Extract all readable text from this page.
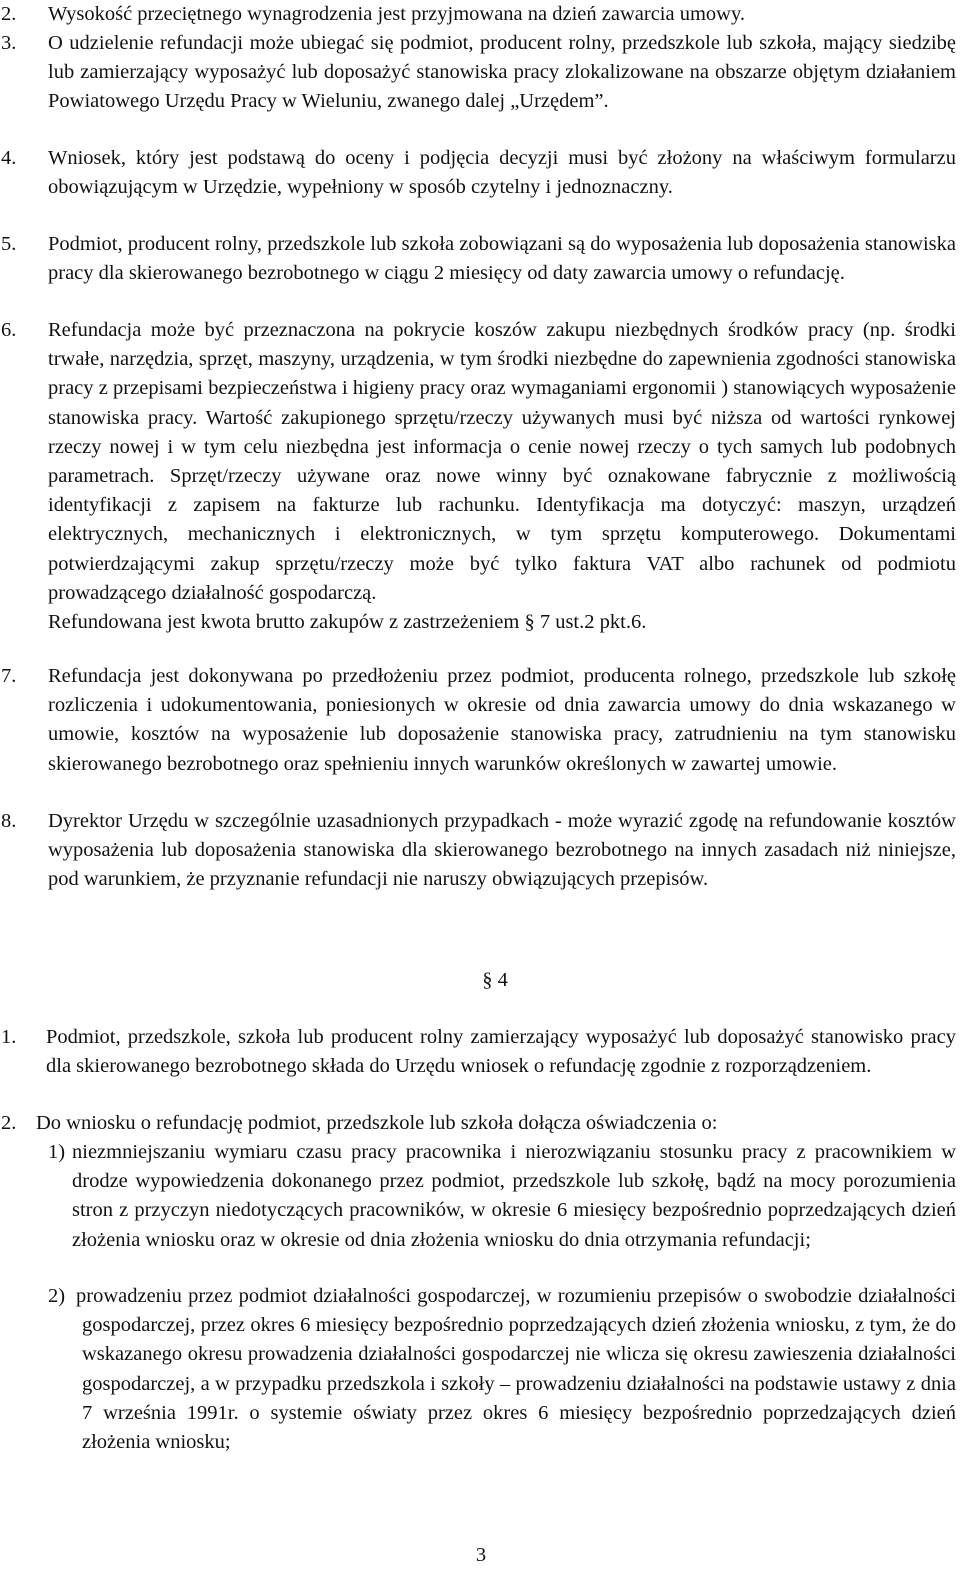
2. Wysokość przeciętnego wynagrodzenia jest przyjmowana na dzień zawarcia umowy.
3. O udzielenie refundacji może ubiegać się podmiot, producent rolny, przedszkole lub szkoła, mający siedzibę lub zamierzający wyposażyć lub doposażyć stanowiska pracy zlokalizowane na obszarze objętym działaniem Powiatowego Urzędu Pracy w Wieluniu, zwanego dalej „Urzędem”.
4. Wniosek, który jest podstawą do oceny i podjęcia decyzji musi być złożony na właściwym formularzu obowiązującym w Urzędzie, wypełniony w sposób czytelny i jednoznaczny.
5. Podmiot, producent rolny, przedszkole lub szkoła zobowiązani są do wyposażenia lub doposażenia stanowiska pracy dla skierowanego bezrobotnego w ciągu 2 miesięcy od daty zawarcia umowy o refundację.
6. Refundacja może być przeznaczona na pokrycie koszów zakupu niezbędnych środków pracy (np. środki trwałe, narzędzia, sprzęt, maszyny, urządzenia, w tym środki niezbędne do zapewnienia zgodności stanowiska pracy z przepisami bezpieczeństwa i higieny pracy oraz wymaganiami ergonomii ) stanowiących wyposażenie stanowiska pracy. Wartość zakupionego sprzętu/rzeczy używanych musi być niższa od wartości rynkowej rzeczy nowej i w tym celu niezbędna jest informacja o cenie nowej rzeczy o tych samych lub podobnych parametrach. Sprzęt/rzeczy używane oraz nowe winny być oznakowane fabrycznie z możliwością identyfikacji z zapisem na fakturze lub rachunku. Identyfikacja ma dotyczyć: maszyn, urządzeń elektrycznych, mechanicznych i elektronicznych, w tym sprzętu komputerowego. Dokumentami potwierdzającymi zakup sprzętu/rzeczy może być tylko faktura VAT albo rachunek od podmiotu prowadzącego działalność gospodarczą.
Refundowana jest kwota brutto zakupów z zastrzeżeniem § 7 ust.2 pkt.6.
7. Refundacja jest dokonywana po przedłożeniu przez podmiot, producenta rolnego, przedszkole lub szkołę rozliczenia i udokumentowania, poniesionych w okresie od dnia zawarcia umowy do dnia wskazanego w umowie, kosztów na wyposażenie lub doposażenie stanowiska pracy, zatrudnieniu na tym stanowisku skierowanego bezrobotnego oraz spełnieniu innych warunków określonych w zawartej umowie.
8. Dyrektor Urzędu w szczególnie uzasadnionych przypadkach - może wyrazić zgodę na refundowanie kosztów wyposażenia lub doposażenia stanowiska dla skierowanego bezrobotnego na innych zasadach niż niniejsze, pod warunkiem, że przyznanie refundacji nie naruszy obwiązujących przepisów.
§ 4
1. Podmiot, przedszkole, szkoła lub producent rolny zamierzający wyposażyć lub doposażyć stanowisko pracy dla skierowanego bezrobotnego składa do Urzędu wniosek o refundację zgodnie z rozporządzeniem.
2. Do wniosku o refundację podmiot, przedszkole lub szkoła dołącza oświadczenia o:
1) niezmniejszaniu wymiaru czasu pracy pracownika i nierozwiązaniu stosunku pracy z pracownikiem w drodze wypowiedzenia dokonanego przez podmiot, przedszkole lub szkołę, bądź na mocy porozumienia stron z przyczyn niedotyczących pracowników, w okresie 6 miesięcy bezpośrednio poprzedzających dzień złożenia wniosku oraz w okresie od dnia złożenia wniosku do dnia otrzymania refundacji;
2) prowadzeniu przez podmiot działalności gospodarczej, w rozumieniu przepisów o swobodzie działalności gospodarczej, przez okres 6 miesięcy bezpośrednio poprzedzających dzień złożenia wniosku, z tym, że do wskazanego okresu prowadzenia działalności gospodarczej nie wlicza się okresu zawieszenia działalności gospodarczej, a w przypadku przedszkola i szkoły – prowadzeniu działalności na podstawie ustawy z dnia 7 września 1991r. o systemie oświaty przez okres 6 miesięcy bezpośrednio poprzedzających dzień złożenia wniosku;
3
